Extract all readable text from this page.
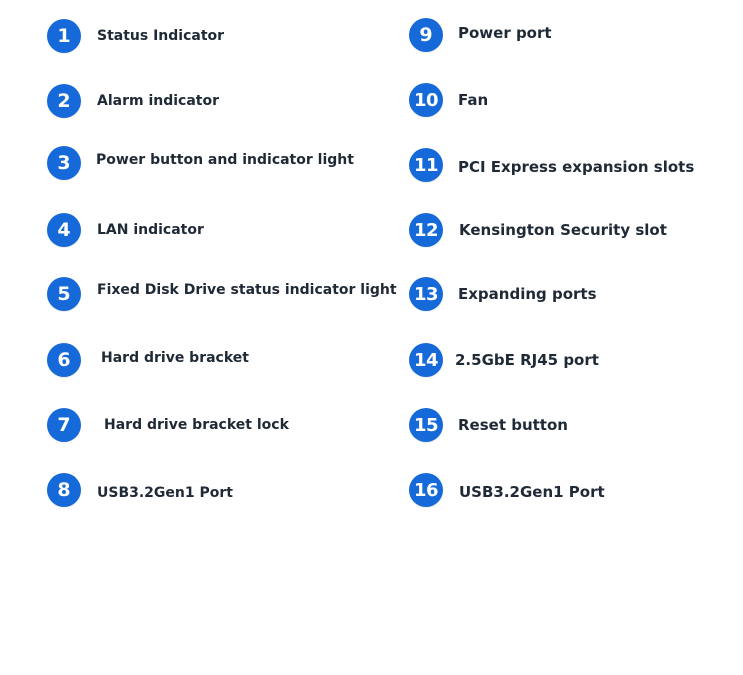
1	Status Indicator
2	Alarm indicator
3	Power button and indicator light
4	LAN indicator
5	Fixed Disk Drive status indicator light
6	Hard drive bracket
7	Hard drive bracket lock
8	USB3.2Gen1 Port
9	Power port
10	Fan
11	PCI Express expansion slots
12	Kensington Security slot
13	Expanding ports
14	2.5GbE RJ45 port
15	Reset button
16	USB3.2Gen1 Port
